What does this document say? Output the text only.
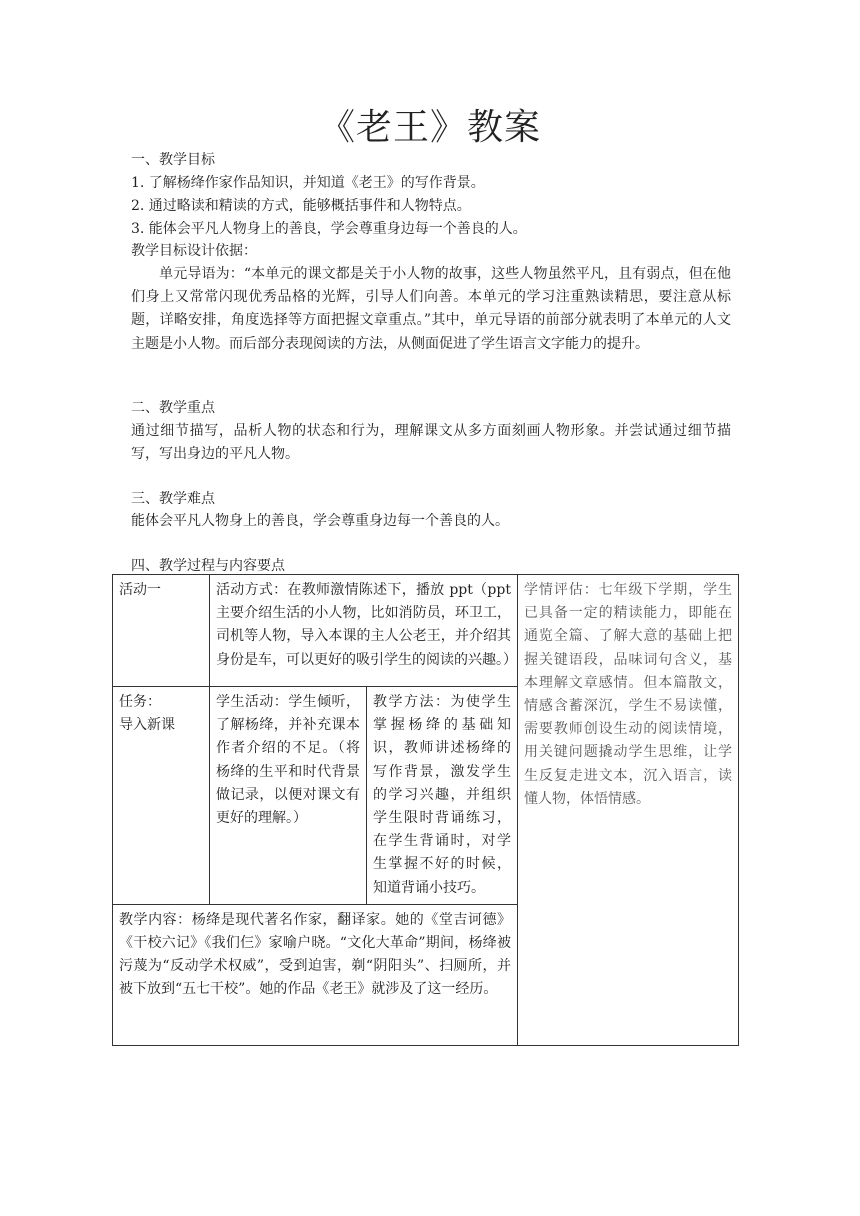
《老王》教案
一、教学目标
1. 了解杨绛作家作品知识，并知道《老王》的写作背景。
2. 通过略读和精读的方式，能够概括事件和人物特点。
3. 能体会平凡人物身上的善良，学会尊重身边每一个善良的人。
教学目标设计依据：
单元导语为：“本单元的课文都是关于小人物的故事，这些人物虽然平凡，且有弱点，但在他们身上又常常闪现优秀品格的光辉，引导人们向善。本单元的学习注重熟读精思，要注意从标题，详略安排，角度选择等方面把握文章重点。”其中，单元导语的前部分就表明了本单元的人文主题是小人物。而后部分表现阅读的方法，从侧面促进了学生语言文字能力的提升。
二、教学重点
通过细节描写，品析人物的状态和行为，理解课文从多方面刻画人物形象。并尝试通过细节描写，写出身边的平凡人物。
三、教学难点
能体会平凡人物身上的善良，学会尊重身边每一个善良的人。
四、教学过程与内容要点
活动一	活动方式：在教师激情陈述下，播放 ppt（ppt 主要介绍生活的小人物，比如消防员，环卫工，司机等人物，导入本课的主人公老王，并介绍其身份是车，可以更好的吸引学生的阅读的兴趣。）		学情评估：七年级下学期，学生已具备一定的精读能力，即能在通览全篇、了解大意的基础上把握关键语段，品味词句含义，基本理解文章感情。但本篇散文，情感含蓄深沉，学生不易读懂，需要教师创设生动的阅读情境，用关键问题撬动学生思维，让学生反复走进文本，沉入语言，读懂人物，体悟情感。

任务：
导入新课	学生活动：学生倾听，了解杨绛，并补充课本作者介绍的不足。（将杨绛的生平和时代背景做记录，以便对课文有更好的理解。）	教学方法：为使学生掌握杨绛的基础知识，教师讲述杨绛的写作背景，激发学生的学习兴趣，并组织学生限时背诵练习，在学生背诵时，对学生掌握不好的时候，知道背诵小技巧。	
教学内容：杨绛是现代著名作家，翻译家。她的《堂吉诃德》《干校六记》《我们仨》家喻户晓。“文化大革命”期间，杨绛被污蔑为“反动学术权威”，受到迫害，剃“阴阳头”、扫厕所，并被下放到“五七干校”。她的作品《老王》就涉及了这一经历。			
